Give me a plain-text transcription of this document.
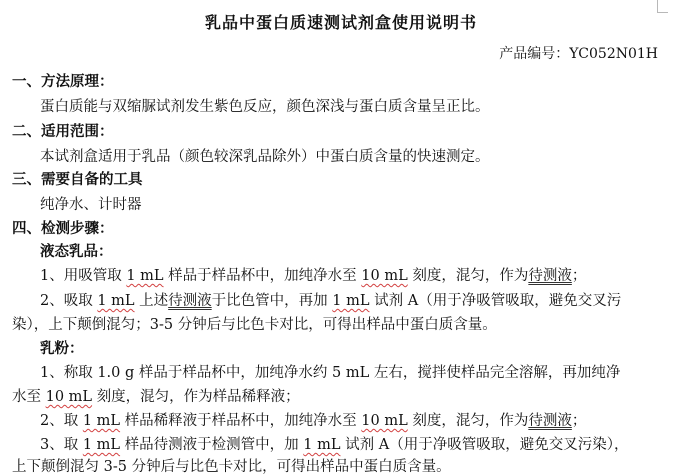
乳品中蛋白质速测试剂盒使用说明书
产品编号：YC052N01H
一、方法原理：
蛋白质能与双缩脲试剂发生紫色反应，颜色深浅与蛋白质含量呈正比。
二、适用范围：
本试剂盒适用于乳品（颜色较深乳品除外）中蛋白质含量的快速测定。
三、需要自备的工具
纯净水、计时器
四、检测步骤：
液态乳品：
1、用吸管取 1 mL 样品于样品杯中，加纯净水至 10 mL 刻度，混匀，作为待测液；
2、吸取 1 mL 上述待测液于比色管中，再加 1 mL 试剂 A（用于净吸管吸取，避免交叉污
染），上下颠倒混匀；3-5 分钟后与比色卡对比，可得出样品中蛋白质含量。
乳粉：
1、称取 1.0 g 样品于样品杯中，加纯净水约 5 mL 左右，搅拌使样品完全溶解，再加纯净
水至 10 mL 刻度，混匀，作为样品稀释液；
2、取 1 mL 样品稀释液于样品杯中，加纯净水至 10 mL 刻度，混匀，作为待测液；
3、取 1 mL 样品待测液于检测管中，加 1 mL 试剂 A（用于净吸管吸取，避免交叉污染），
上下颠倒混匀 3-5 分钟后与比色卡对比，可得出样品中蛋白质含量。
